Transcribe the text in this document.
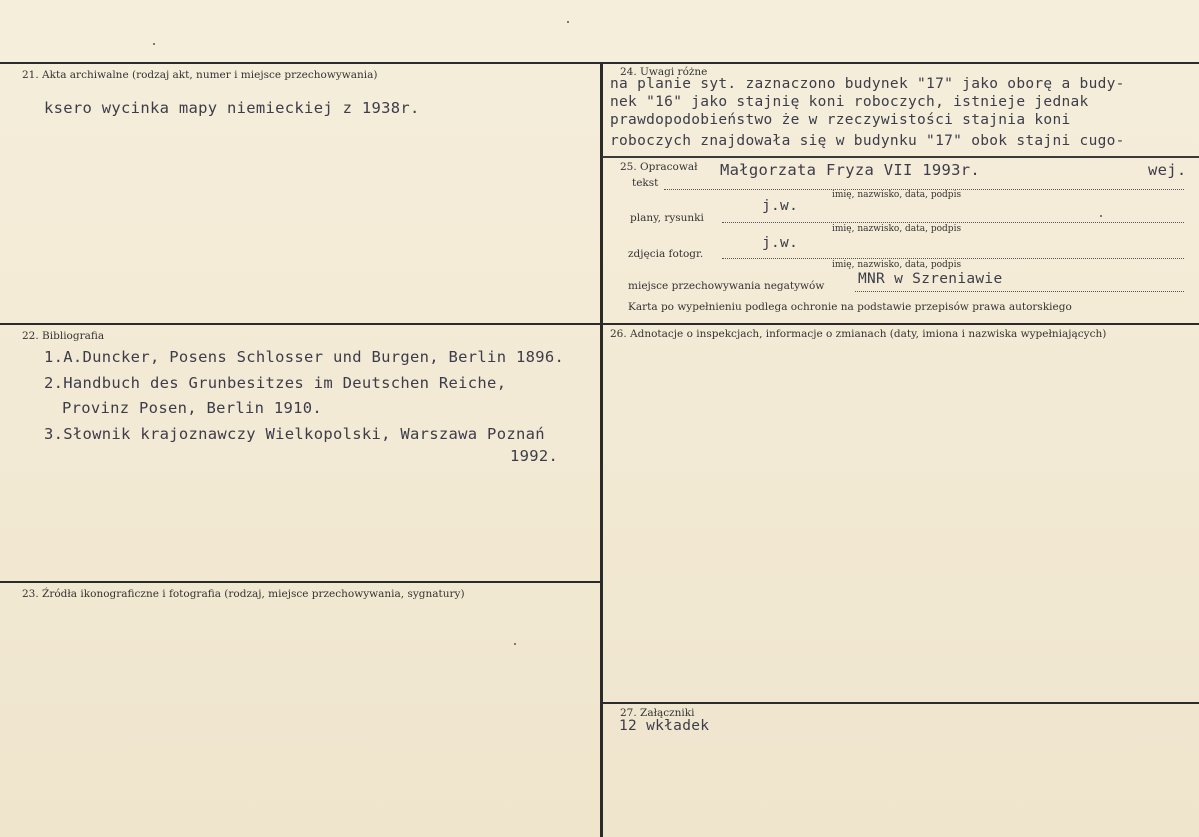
21. Akta archiwalne (rodzaj akt, numer i miejsce przechowywania)
ksero wycinka mapy niemieckiej z 1938r.
22. Bibliografia
1.A.Duncker, Posens Schlosser und Burgen, Berlin 1896.
2.Handbuch des Grunbesitzes im Deutschen Reiche,
Provinz Posen, Berlin 1910.
3.Słownik krajoznawczy Wielkopolski, Warszawa Poznań
1992.
23. Źródła ikonograficzne i fotografia (rodzaj, miejsce przechowywania, sygnatury)
24. Uwagi różne
na planie syt. zaznaczono budynek "17" jako oborę a budy-
nek "16" jako stajnię koni roboczych, istnieje jednak
prawdopodobieństwo że w rzeczywistości stajnia koni
roboczych znajdowała się w budynku "17" obok stajni cugo-
25. Opracował
tekst
Małgorzata Fryza VII 1993r.	wej.
imię, nazwisko, data, podpis
plany, rysunki
j.w.
imię, nazwisko, data, podpis
zdjęcia fotogr.
j.w.
imię, nazwisko, data, podpis
miejsce przechowywania negatywów MNR w Szreniawie
Karta po wypełnieniu podlega ochronie na podstawie przepisów prawa autorskiego
26. Adnotacje o inspekcjach, informacje o zmianach (daty, imiona i nazwiska wypełniających)
27. Załączniki
12 wkładek
